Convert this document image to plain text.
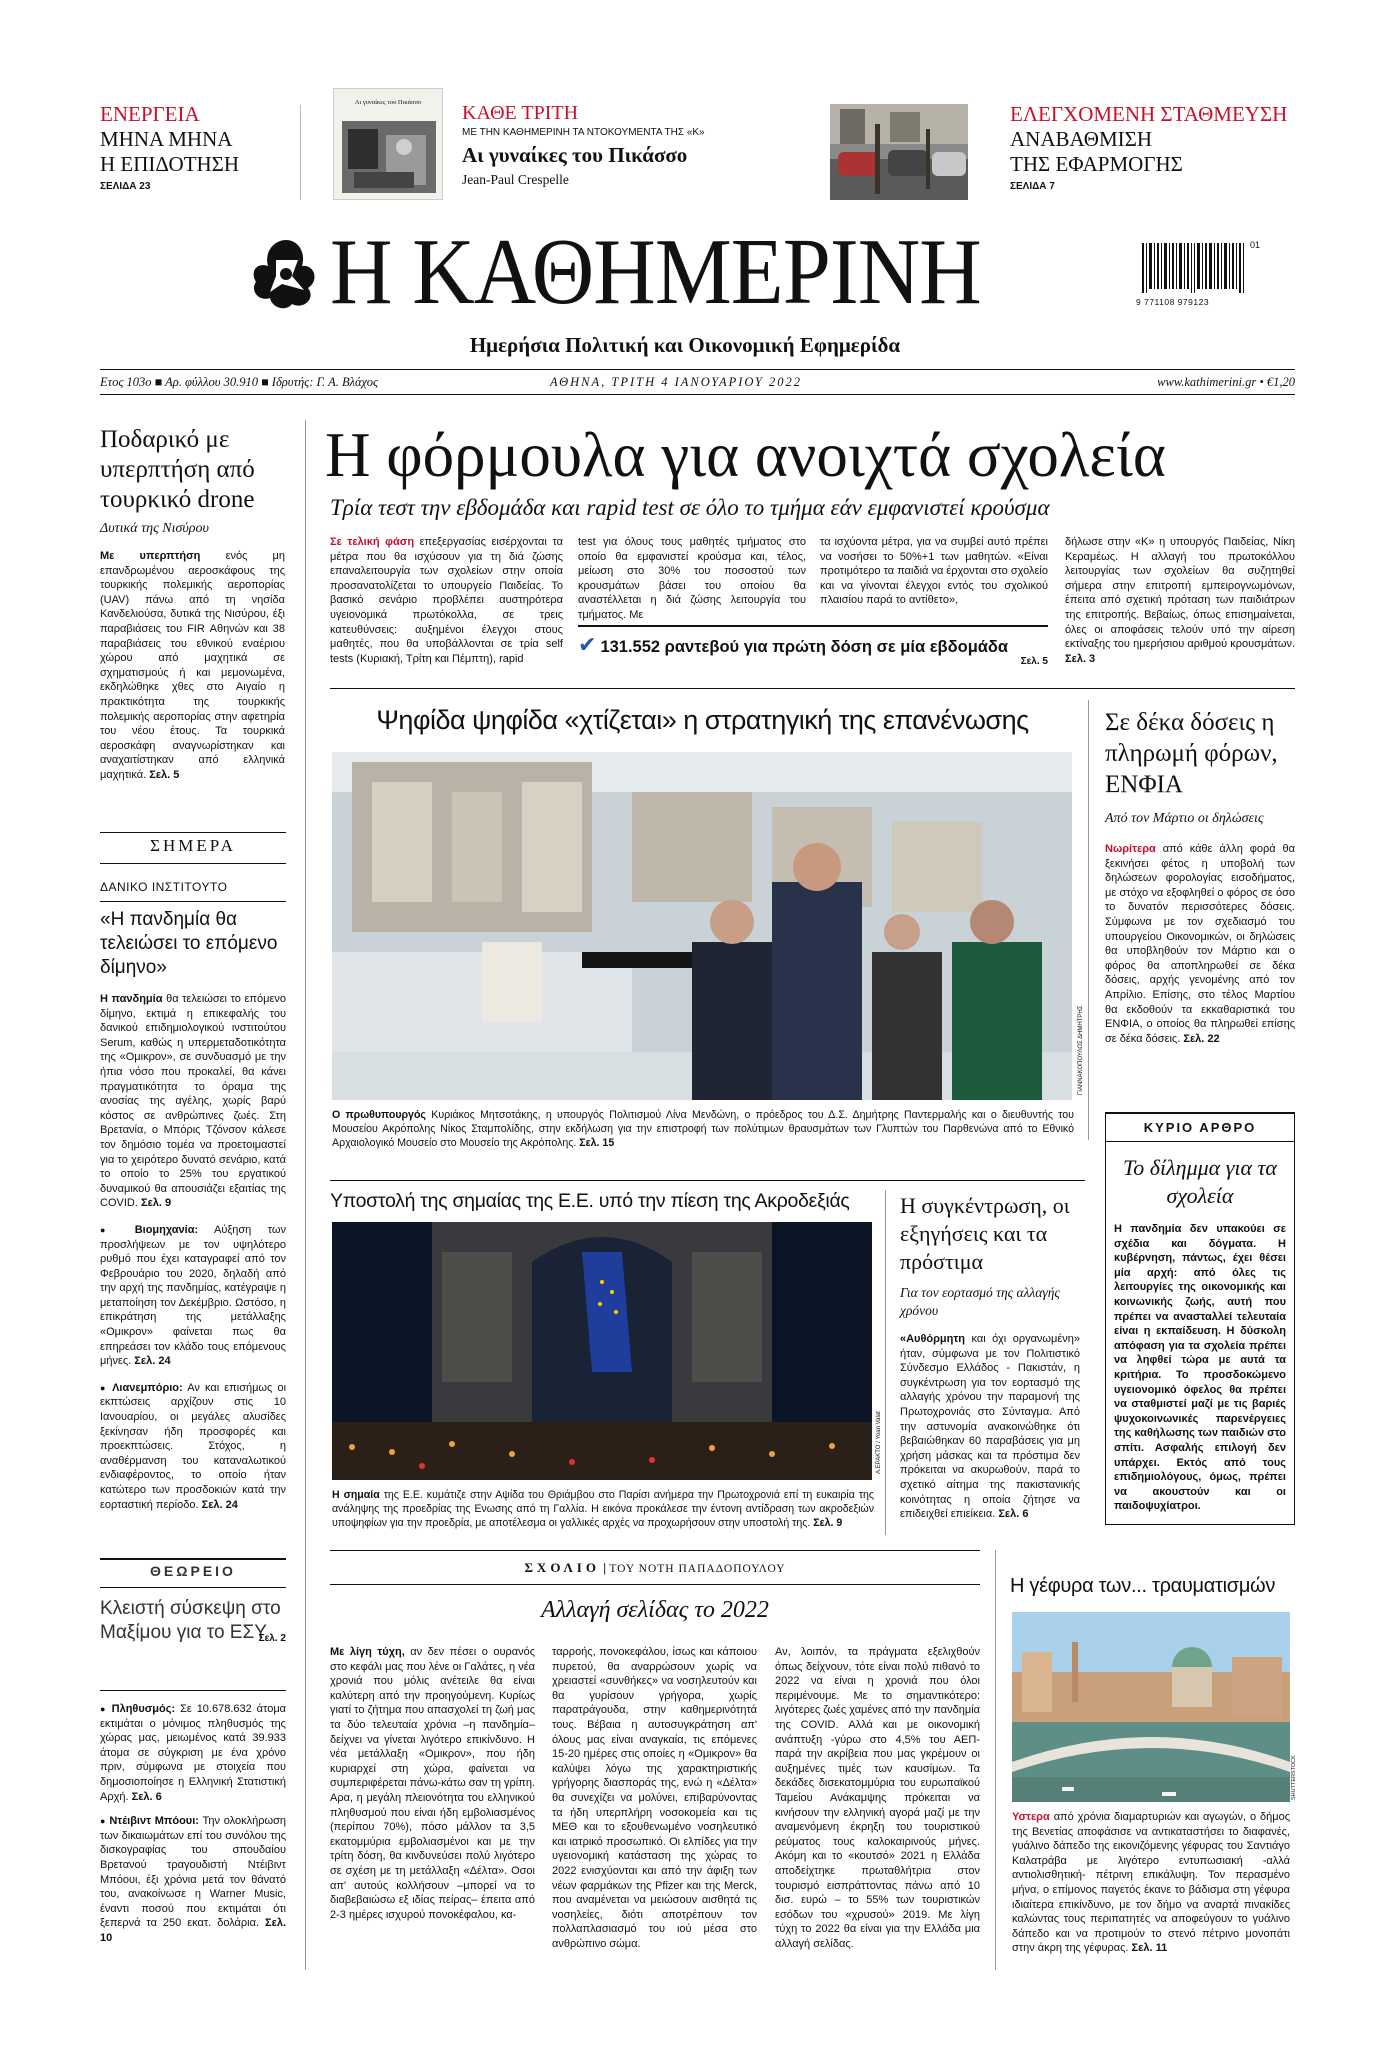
ΕΝΕΡΓΕΙΑ
ΜΗΝΑ ΜΗΝΑ
Η ΕΠΙΔΟΤΗΣΗ
ΣΕΛΙΔΑ 23
Αι γυναίκες του Πικάσσο	ΚΑΘΕ ΤΡΙΤΗ
ΜΕ ΤΗΝ ΚΑΘΗΜΕΡΙΝΗ ΤΑ ΝΤΟΚΟΥΜΕΝΤΑ ΤΗΣ «Κ»
Αι γυναίκες του Πικάσσο
Jean-Paul Crespelle
ΕΛΕΓΧΟΜΕΝΗ ΣΤΑΘΜΕΥΣΗ
ΑΝΑΒΑΘΜΙΣΗ
ΤΗΣ ΕΦΑΡΜΟΓΗΣ
ΣΕΛΙΔΑ 7
Η ΚΑΘΗΜΕΡΙΝΗ
Ημερήσια Πολιτική και Οικονομική Εφημερίδα
01
9 771108 979123
Ετος 103ο ■ Αρ. φύλλου 30.910 ■ Ιδρυτής: Γ. Α. Βλάχος	ΑΘΗΝΑ, ΤΡΙΤΗ 4 ΙΑΝΟΥΑΡΙΟΥ 2022	www.kathimerini.gr • €1,20
Ποδαρικό με υπερπτήση από τουρκικό drone
Δυτικά της Νισύρου
Με υπερπτήση ενός μη επανδρωμένου αεροσκάφους της τουρκικής πολεμικής αεροπορίας (UAV) πάνω από τη νησίδα Κανδελιούσα, δυτικά της Νισύρου, έξι παραβιάσεις του FIR Αθηνών και 38 παραβιάσεις του εθνικού εναέριου χώρου από μαχητικά σε σχηματισμούς ή και μεμονωμένα, εκδηλώθηκε χθες στο Αιγαίο η πρακτικότητα της τουρκικής πολεμικής αεροπορίας στην αφετηρία του νέου έτους. Τα τουρκικά αεροσκάφη αναγνωρίστηκαν και αναχαιτίστηκαν από ελληνικά μαχητικά. Σελ. 5
ΣΗΜΕΡΑ
ΔΑΝΙΚΟ ΙΝΣΤΙΤΟΥΤΟ
«Η πανδημία θα τελειώσει το επόμενο δίμηνο»
Η πανδημία θα τελειώσει το επόμενο δίμηνο, εκτιμά η επικεφαλής του δανικού επιδημιολογικού ινστιτούτου Serum, καθώς η υπερμεταδοτικότητα της «Ομικρον», σε συνδυασμό με την ήπια νόσο που προκαλεί, θα κάνει πραγματικότητα το όραμα της ανοσίας της αγέλης, χωρίς βαρύ κόστος σε ανθρώπινες ζωές. Στη Βρετανία, ο Μπόρις Τζόνσον κάλεσε τον δημόσιο τομέα να προετοιμαστεί για το χειρότερο δυνατό σενάριο, κατά το οποίο το 25% του εργατικού δυναμικού θα απουσιάζει εξαιτίας της COVID. Σελ. 9
● Βιομηχανία: Αύξηση των προσλήψεων με τον υψηλότερο ρυθμό που έχει καταγραφεί από τον Φεβρουάριο του 2020, δηλαδή από την αρχή της πανδημίας, κατέγραψε η μεταποίηση τον Δεκέμβριο. Ωστόσο, η επικράτηση της μετάλλαξης «Ομικρον» φαίνεται πως θα επηρεάσει τον κλάδο τους επόμενους μήνες. Σελ. 24
● Λιανεμπόριο: Αν και επισήμως οι εκπτώσεις αρχίζουν στις 10 Ιανουαρίου, οι μεγάλες αλυσίδες ξεκίνησαν ήδη προσφορές και προεκπτώσεις. Στόχος, η αναθέρμανση του καταναλωτικού ενδιαφέροντος, το οποίο ήταν κατώτερο των προσδοκιών κατά την εορταστική περίοδο. Σελ. 24
ΘΕΩΡΕΙΟ
Κλειστή σύσκεψη στο Μαξίμου για το ΕΣΥ
Σελ. 2
● Πληθυσμός: Σε 10.678.632 άτομα εκτιμάται ο μόνιμος πληθυσμός της χώρας μας, μειωμένος κατά 39.933 άτομα σε σύγκριση με ένα χρόνο πριν, σύμφωνα με στοιχεία που δημοσιοποίησε η Ελληνική Στατιστική Αρχή. Σελ. 6
● Ντέιβιντ Μπόουι: Την ολοκλήρωση των δικαιωμάτων επί του συνόλου της δισκογραφίας του σπουδαίου Βρετανού τραγουδιστή Ντέιβιντ Μπόουι, έξι χρόνια μετά τον θάνατό του, ανακοίνωσε η Warner Music, έναντι ποσού που εκτιμάται ότι ξεπερνά τα 250 εκατ. δολάρια. Σελ. 10
Η φόρμουλα για ανοιχτά σχολεία
Τρία τεστ την εβδομάδα και rapid test σε όλο το τμήμα εάν εμφανιστεί κρούσμα
Σε τελική φάση επεξεργασίας εισέρχονται τα μέτρα που θα ισχύσουν για τη διά ζώσης επαναλειτουργία των σχολείων στην οποία προσανατολίζεται το υπουργείο Παιδείας. Το βασικό σενάριο προβλέπει αυστηρότερα υγειονομικά πρωτόκολλα, σε τρεις κατευθύνσεις: αυξημένοι έλεγχοι στους μαθητές, που θα υποβάλλονται σε τρία self tests (Κυριακή, Τρίτη και Πέμπτη), rapid
test για όλους τους μαθητές τμήματος στο οποίο θα εμφανιστεί κρούσμα και, τέλος, μείωση στο 30% του ποσοστού των κρουσμάτων βάσει του οποίου θα αναστέλλεται η διά ζώσης λειτουργία του τμήματος. Με
τα ισχύοντα μέτρα, για να συμβεί αυτό πρέπει να νοσήσει το 50%+1 των μαθητών. «Είναι προτιμότερο τα παιδιά να έρχονται στο σχολείο και να γίνονται έλεγχοι εντός του σχολικού πλαισίου παρά το αντίθετο»,
δήλωσε στην «Κ» η υπουργός Παιδείας, Νίκη Κεραμέως. Η αλλαγή του πρωτοκόλλου λειτουργίας των σχολείων θα συζητηθεί σήμερα στην επιτροπή εμπειρογνωμόνων, έπειτα από σχετική πρόταση των παιδιάτρων της επιτροπής. Βεβαίως, όπως επισημαίνεται, όλες οι αποφάσεις τελούν υπό την αίρεση εκτίναξης του ημερήσιου αριθμού κρουσμάτων. Σελ. 3
✔ 131.552 ραντεβού για πρώτη δόση σε μία εβδομάδα
Σελ. 5
Ψηφίδα ψηφίδα «χτίζεται» η στρατηγική της επανένωσης
ΓΙΑΝΝΑΚΟΠΟΥΛΟΣ ΔΗΜΗΤΡΗΣ
O πρωθυπουργός Κυριάκος Μητσοτάκης, η υπουργός Πολιτισμού Λίνα Μενδώνη, ο πρόεδρος του Δ.Σ. Δημήτρης Παντερμαλής και ο διευθυντής του Μουσείου Ακρόπολης Νίκος Σταμπολίδης, στην εκδήλωση για την επιστροφή των πολύτιμων θραυσμάτων των Γλυπτών του Παρθενώνα από το Εθνικό Αρχαιολογικό Μουσείο στο Μουσείο της Ακρόπολης. Σελ. 15
Σε δέκα δόσεις η πληρωμή φόρων, ΕΝΦΙΑ
Από τον Μάρτιο οι δηλώσεις
Νωρίτερα από κάθε άλλη φορά θα ξεκινήσει φέτος η υποβολή των δηλώσεων φορολογίας εισοδήματος, με στόχο να εξοφληθεί ο φόρος σε όσο το δυνατόν περισσότερες δόσεις. Σύμφωνα με τον σχεδιασμό του υπουργείου Οικονομικών, οι δηλώσεις θα υποβληθούν τον Μάρτιο και ο φόρος θα αποπληρωθεί σε δέκα δόσεις, αρχής γενομένης από τον Απρίλιο. Επίσης, στο τέλος Μαρτίου θα εκδοθούν τα εκκαθαριστικά του ΕΝΦΙΑ, ο οποίος θα πληρωθεί επίσης σε δέκα δόσεις. Σελ. 22
ΚΥΡΙΟ ΑΡΘΡΟ
Το δίλημμα για τα σχολεία
Η πανδημία δεν υπακούει σε σχέδια και δόγματα. Η κυβέρνηση, πάντως, έχει θέσει μία αρχή: από όλες τις λειτουργίες της οικονομικής και κοινωνικής ζωής, αυτή που πρέπει να ανασταλλεί τελευταία είναι η εκπαίδευση. Η δύσκολη απόφαση για τα σχολεία πρέπει να ληφθεί τώρα με αυτά τα κριτήρια. Το προσδοκώμενο υγειονομικό όφελος θα πρέπει να σταθμιστεί μαζί με τις βαριές ψυχοκοινωνικές παρενέργειες της καθήλωσης των παιδιών στο σπίτι. Ασφαλής επιλογή δεν υπάρχει. Εκτός από τους επιδημιολόγους, όμως, πρέπει να ακουστούν και οι παιδοψυχίατροι.
Υποστολή της σημαίας της Ε.Ε. υπό την πίεση της Ακροδεξιάς
Α.ΕΡΑΚΤΟ / Yoan Valat
Η σημαία της Ε.Ε. κυμάτιζε στην Αψίδα του Θριάμβου στο Παρίσι ανήμερα την Πρωτοχρονιά επί τη ευκαιρία της ανάληψης της προεδρίας της Ενωσης από τη Γαλλία. Η εικόνα προκάλεσε την έντονη αντίδραση των ακροδεξιών υποψηφίων για την προεδρία, με αποτέλεσμα οι γαλλικές αρχές να προχωρήσουν στην υποστολή της. Σελ. 9
Η συγκέντρωση, οι εξηγήσεις και τα πρόστιμα
Για τον εορτασμό της αλλαγής χρόνου
«Αυθόρμητη και όχι οργανωμένη» ήταν, σύμφωνα με τον Πολιτιστικό Σύνδεσμο Ελλάδος - Πακιστάν, η συγκέντρωση για τον εορτασμό της αλλαγής χρόνου την παραμονή της Πρωτοχρονιάς στο Σύνταγμα. Από την αστυνομία ανακοινώθηκε ότι βεβαιώθηκαν 60 παραβάσεις για μη χρήση μάσκας και τα πρόστιμα δεν πρόκειται να ακυρωθούν, παρά το σχετικό αίτημα της πακιστανικής κοινότητας η οποία ζήτησε να επιδειχθεί επιείκεια. Σελ. 6
ΣΧΟΛΙΟ | ΤΟΥ ΝΟΤΗ ΠΑΠΑΔΟΠΟΥΛΟΥ
Αλλαγή σελίδας το 2022
Με λίγη τύχη, αν δεν πέσει ο ουρανός στο κεφάλι μας που λένε οι Γαλάτες, η νέα χρονιά που μόλις ανέτειλε θα είναι καλύτερη από την προηγούμενη. Κυρίως γιατί το ζήτημα που απασχολεί τη ζωή μας τα δύο τελευταία χρόνια –η πανδημία– δείχνει να γίνεται λιγότερο επικίνδυνο. Η νέα μετάλλαξη «Ομικρον», που ήδη κυριαρχεί στη χώρα, φαίνεται να συμπεριφέρεται πάνω-κάτω σαν τη γρίπη. Αρα, η μεγάλη πλειονότητα του ελληνικού πληθυσμού που είναι ήδη εμβολιασμένος (περίπου 70%), πόσο μάλλον τα 3,5 εκατομμύρια εμβολιασμένοι και με την τρίτη δόση, θα κινδυνεύσει πολύ λιγότερο σε σχέση με τη μετάλλαξη «Δέλτα». Οσοι απ' αυτούς κολλήσουν –μπορεί να το διαβεβαιώσω εξ ιδίας πείρας– έπειτα από 2-3 ημέρες ισχυρού πονοκέφαλου, κα-
ταρροής, πονοκεφάλου, ίσως και κάποιου πυρετού, θα αναρρώσουν χωρίς να χρειαστεί «συνθήκες» να νοσηλευτούν και θα γυρίσουν γρήγορα, χωρίς παρατράγουδα, στην καθημερινότητά τους. Βέβαια η αυτοσυγκράτηση απ' όλους μας είναι αναγκαία, τις επόμενες 15-20 ημέρες στις οποίες η «Ομικρον» θα καλύψει λόγω της χαρακτηριστικής γρήγορης διασποράς της, ενώ η «Δέλτα» θα συνεχίζει να μολύνει, επιβαρύνοντας τα ήδη υπερπλήρη νοσοκομεία και τις ΜΕΘ και το εξουθενωμένο νοσηλευτικό και ιατρικό προσωπικό. Οι ελπίδες για την υγειονομική κατάσταση της χώρας το 2022 ενισχύονται και από την άφιξη των νέων φαρμάκων της Pfizer και της Merck, που αναμένεται να μειώσουν αισθητά τις νοσηλείες, διότι αποτρέπουν τον πολλαπλασιασμό του ιού μέσα στο ανθρώπινο σώμα.
Αν, λοιπόν, τα πράγματα εξελιχθούν όπως δείχνουν, τότε είναι πολύ πιθανό το 2022 να είναι η χρονιά που όλοι περιμένουμε. Με το σημαντικότερο: λιγότερες ζωές χαμένες από την πανδημία της COVID. Αλλά και με οικονομική ανάπτυξη -γύρω στο 4,5% του ΑΕΠ- παρά την ακρίβεια που μας γκρέμουν οι αυξημένες τιμές των καυσίμων. Τα δεκάδες δισεκατομμύρια του ευρωπαϊκού Ταμείου Ανάκαμψης πρόκειται να κινήσουν την ελληνική αγορά μαζί με την αναμενόμενη έκρηξη του τουριστικού ρεύματος τους καλοκαιρινούς μήνες. Ακόμη και το «κουτσό» 2021 η Ελλάδα αποδείχτηκε πρωταθλήτρια στον τουρισμό εισπράττοντας πάνω από 10 δισ. ευρώ – το 55% των τουριστικών εσόδων του «χρυσού» 2019. Με λίγη τύχη το 2022 θα είναι για την Ελλάδα μια αλλαγή σελίδας.
Η γέφυρα των... τραυματισμών
SHUTTERSTOCK
Υστερα από χρόνια διαμαρτυριών και αγωγών, ο δήμος της Βενετίας αποφάσισε να αντικαταστήσει το διαφανές, γυάλινο δάπεδο της εικονιζόμενης γέφυρας του Σαντιάγο Καλατράβα με λιγότερο εντυπωσιακή -αλλά αντιολισθητική- πέτρινη επικάλυψη. Τον περασμένο μήνα, ο επίμονος παγετός έκανε το βάδισμα στη γέφυρα ιδιαίτερα επικίνδυνο, με τον δήμο να αναρτά πινακίδες καλώντας τους περιπατητές να αποφεύγουν το γυάλινο δάπεδο και να προτιμούν το στενό πέτρινο μονοπάτι στην άκρη της γέφυρας. Σελ. 11
